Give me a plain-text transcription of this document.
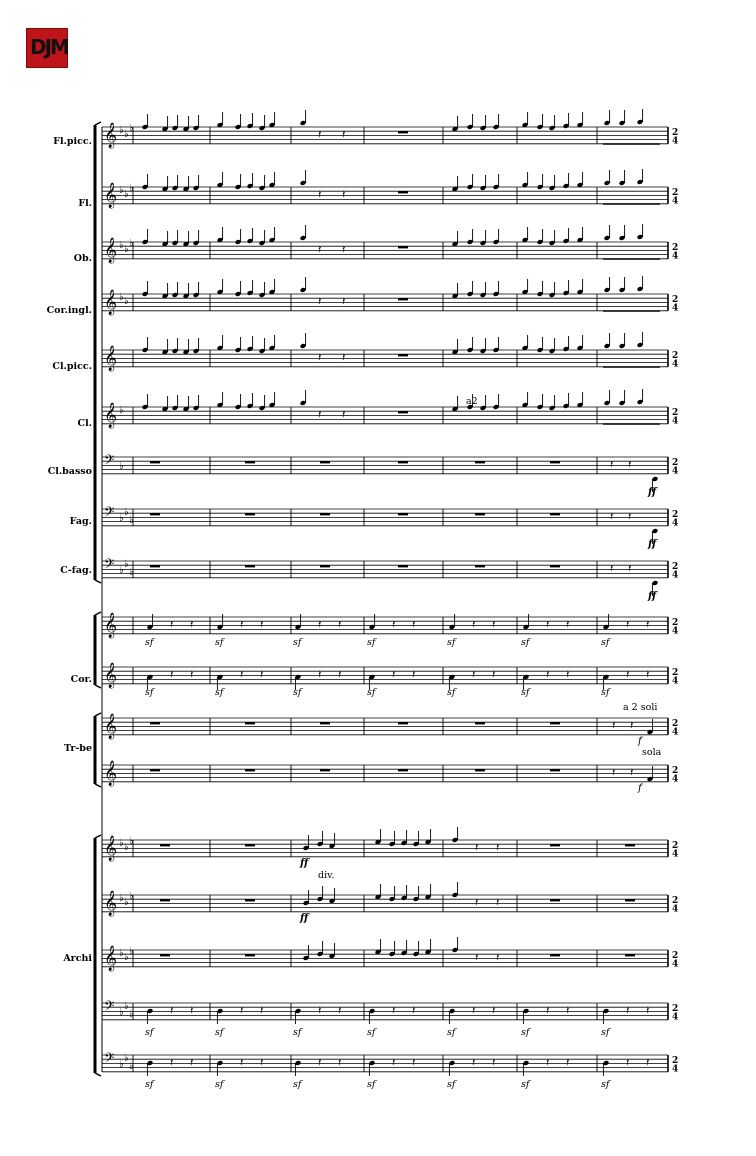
DJM
𝄞 ♭ ♭
♭	2
4
𝄞 ♭ ♭
♭	2
4
𝄞 ♭ ♭
♭	2
4
𝄞 ♭ ♭	2
4
𝄞	2
4
𝄞 ♭	2
4
𝄢 ♭	2
4
𝄢 ♭
♭
♭	2
4
𝄢 ♭
♭
♭	2
4
𝄞	2
4
𝄞	2
4
𝄞	2
4
𝄞	2
4
𝄞 ♭ ♭
♭	2
4
𝄞 ♭ ♭
♭	2
4
𝄞 ♭ ♭
♭	2
4
𝄢 ♭
♭
♭	2
4
𝄢 ♭
♭
♭	2
4
𝄽 𝄽
𝄽 𝄽
𝄽 𝄽
𝄽 𝄽
𝄽 𝄽
𝄽 𝄽
𝄽 𝄽
ff
𝄽 𝄽
ff
𝄽 𝄽
ff
𝄽 𝄽
sf
𝄽 𝄽
sf
𝄽 𝄽
sf
𝄽 𝄽
sf
𝄽 𝄽
sf
𝄽 𝄽
sf
𝄽 𝄽
sf
𝄽 𝄽
sf
𝄽 𝄽
sf
𝄽 𝄽
sf
𝄽 𝄽
sf
𝄽 𝄽
sf
𝄽 𝄽
sf
𝄽 𝄽
sf
𝄽 𝄽
f
𝄽 𝄽
f
𝄽 𝄽
ff
𝄽 𝄽
ff
𝄽 𝄽
𝄽 𝄽
sf
𝄽 𝄽
sf
𝄽 𝄽
sf
𝄽 𝄽
sf
𝄽 𝄽
sf
𝄽 𝄽
sf
𝄽 𝄽
sf
𝄽 𝄽
sf
𝄽 𝄽
sf
𝄽 𝄽
sf
𝄽 𝄽
sf
𝄽 𝄽
sf
𝄽 𝄽
sf
𝄽 𝄽
sf
Fl.picc.
Fl.
Ob.
Cor.ingl.
Cl.picc.
Cl.
Cl.basso
Fag.
C-fag.
Cor.
Tr-be
Archi
a2
a 2 soli
sola
div.
